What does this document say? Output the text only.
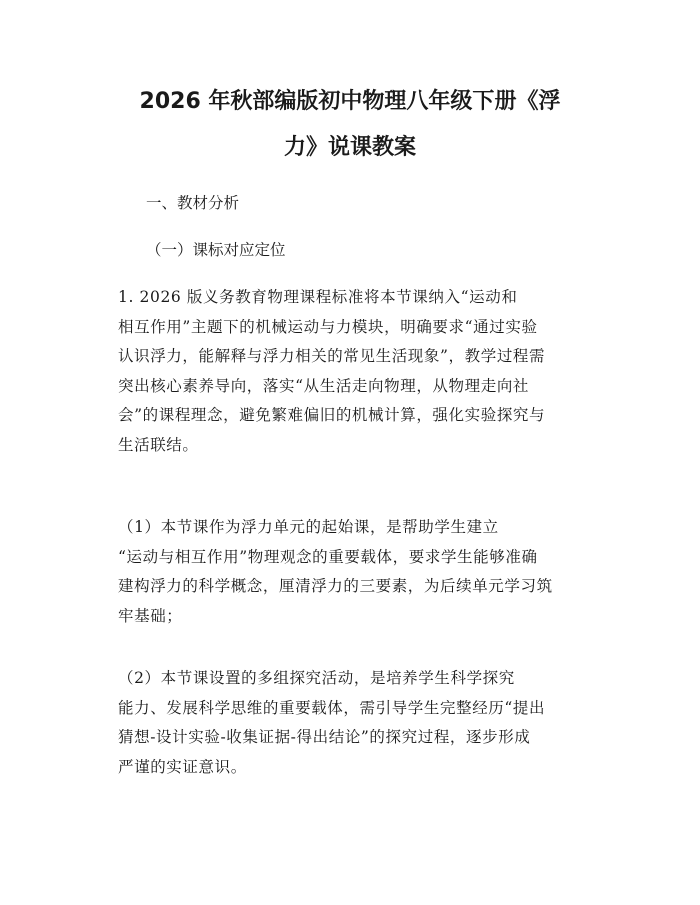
2026 年秋部编版初中物理八年级下册《浮
力》说课教案

一、教材分析

（一）课标对应定位

1. 2026 版义务教育物理课程标准将本节课纳入“运动和
相互作用”主题下的机械运动与力模块，明确要求“通过实验
认识浮力，能解释与浮力相关的常见生活现象”，教学过程需
突出核心素养导向，落实“从生活走向物理，从物理走向社
会”的课程理念，避免繁难偏旧的机械计算，强化实验探究与
生活联结。

（1）本节课作为浮力单元的起始课，是帮助学生建立
“运动与相互作用”物理观念的重要载体，要求学生能够准确
建构浮力的科学概念，厘清浮力的三要素，为后续单元学习筑
牢基础；

（2）本节课设置的多组探究活动，是培养学生科学探究
能力、发展科学思维的重要载体，需引导学生完整经历“提出
猜想-设计实验-收集证据-得出结论”的探究过程，逐步形成
严谨的实证意识。
